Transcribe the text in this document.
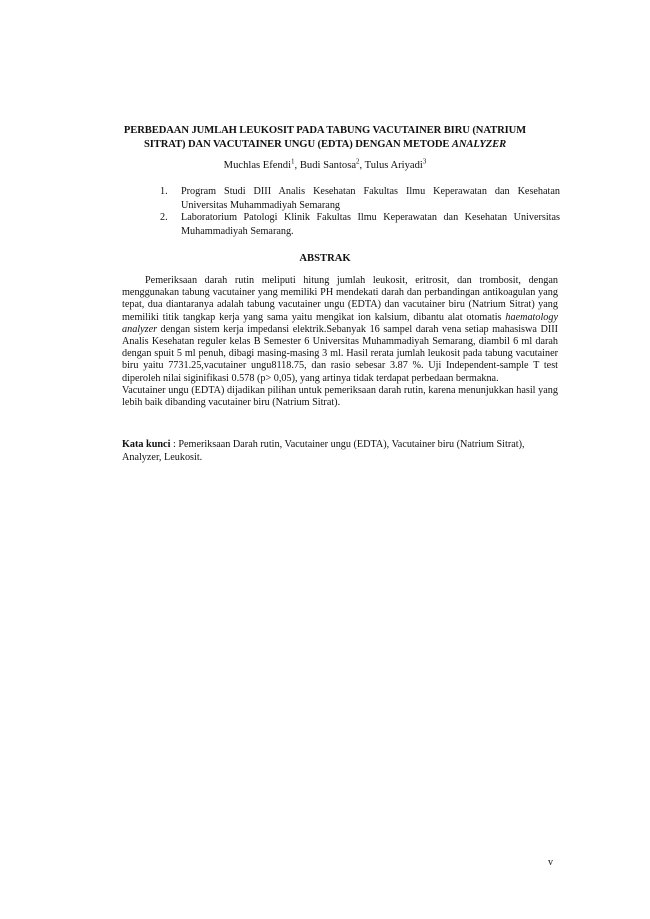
PERBEDAAN JUMLAH LEUKOSIT PADA TABUNG VACUTAINER BIRU (NATRIUM
SITRAT) DAN VACUTAINER UNGU (EDTA) DENGAN METODE ANALYZER
Muchlas Efendi$^1$, Budi Santosa$^2$, Tulus Ariyadi$^3$
1. Program Studi DIII Analis Kesehatan Fakultas Ilmu Keperawatan dan Kesehatan Universitas Muhammadiyah Semarang
2. Laboratorium Patologi Klinik Fakultas Ilmu Keperawatan dan Kesehatan Universitas Muhammadiyah Semarang.
ABSTRAK

Pemeriksaan darah rutin meliputi hitung jumlah leukosit, eritrosit, dan trombosit, dengan menggunakan tabung vacutainer yang memiliki PH mendekati darah dan perbandingan antikoagulan yang tepat, dua diantaranya adalah tabung vacutainer ungu (EDTA) dan vacutainer biru (Natrium Sitrat) yang memiliki titik tangkap kerja yang sama yaitu mengikat ion kalsium, dibantu alat otomatis haematology analyzer dengan sistem kerja impedansi elektrik.Sebanyak 16 sampel darah vena setiap mahasiswa DIII Analis Kesehatan reguler kelas B Semester 6 Universitas Muhammadiyah Semarang, diambil 6 ml darah dengan spuit 5 ml penuh, dibagi masing-masing 3 ml. Hasil rerata jumlah leukosit pada tabung vacutainer biru yaitu 7731.25,vacutainer ungu8118.75, dan rasio sebesar 3.87 %. Uji Independent-sample T test diperoleh nilai siginifikasi 0.578 (p> 0,05), yang artinya tidak terdapat perbedaan bermakna.

Vacutainer ungu (EDTA) dijadikan pilihan untuk pemeriksaan darah rutin, karena menunjukkan hasil yang lebih baik dibanding vacutainer biru (Natrium Sitrat).

Kata kunci : Pemeriksaan Darah rutin, Vacutainer ungu (EDTA), Vacutainer biru (Natrium Sitrat), Analyzer, Leukosit.
v
